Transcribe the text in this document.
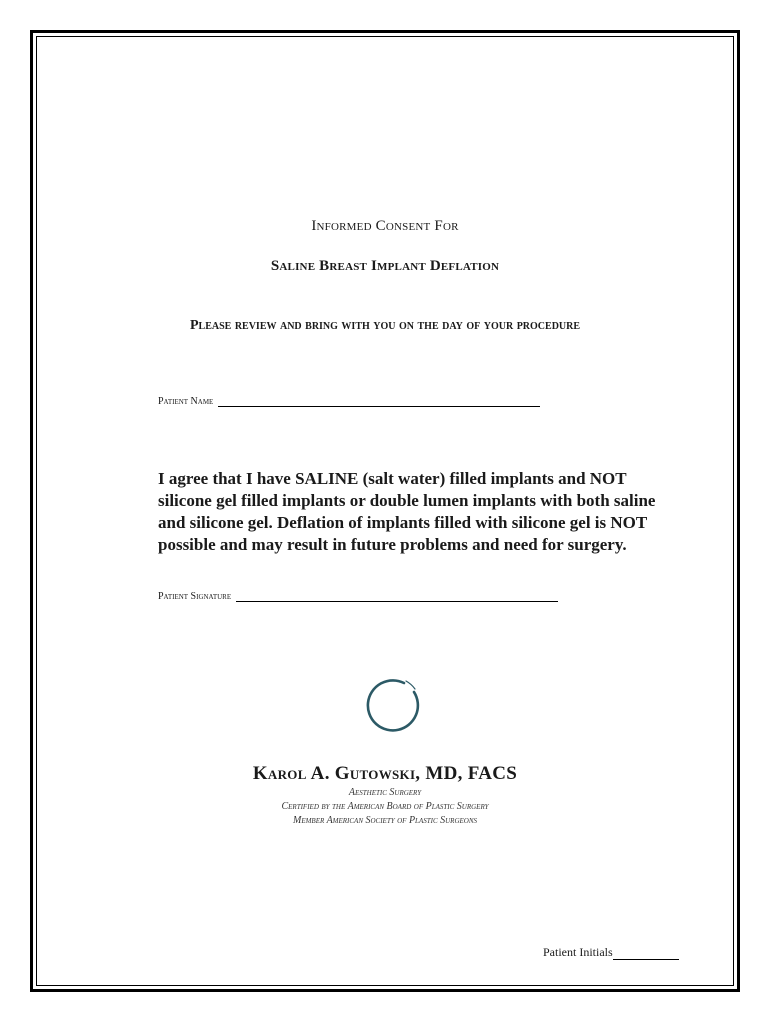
Informed Consent For
Saline Breast Implant Deflation
Please review and bring with you on the day of your procedure
Patient Name

I agree that I have SALINE (salt water) filled implants and NOT
silicone gel filled implants or double lumen implants with both saline
and silicone gel. Deflation of implants filled with silicone gel is NOT
possible and may result in future problems and need for surgery.

Patient Signature
Karol A. Gutowski, MD, FACS
Aesthetic Surgery
Certified by the American Board of Plastic Surgery
Member American Society of Plastic Surgeons
Patient Initials
